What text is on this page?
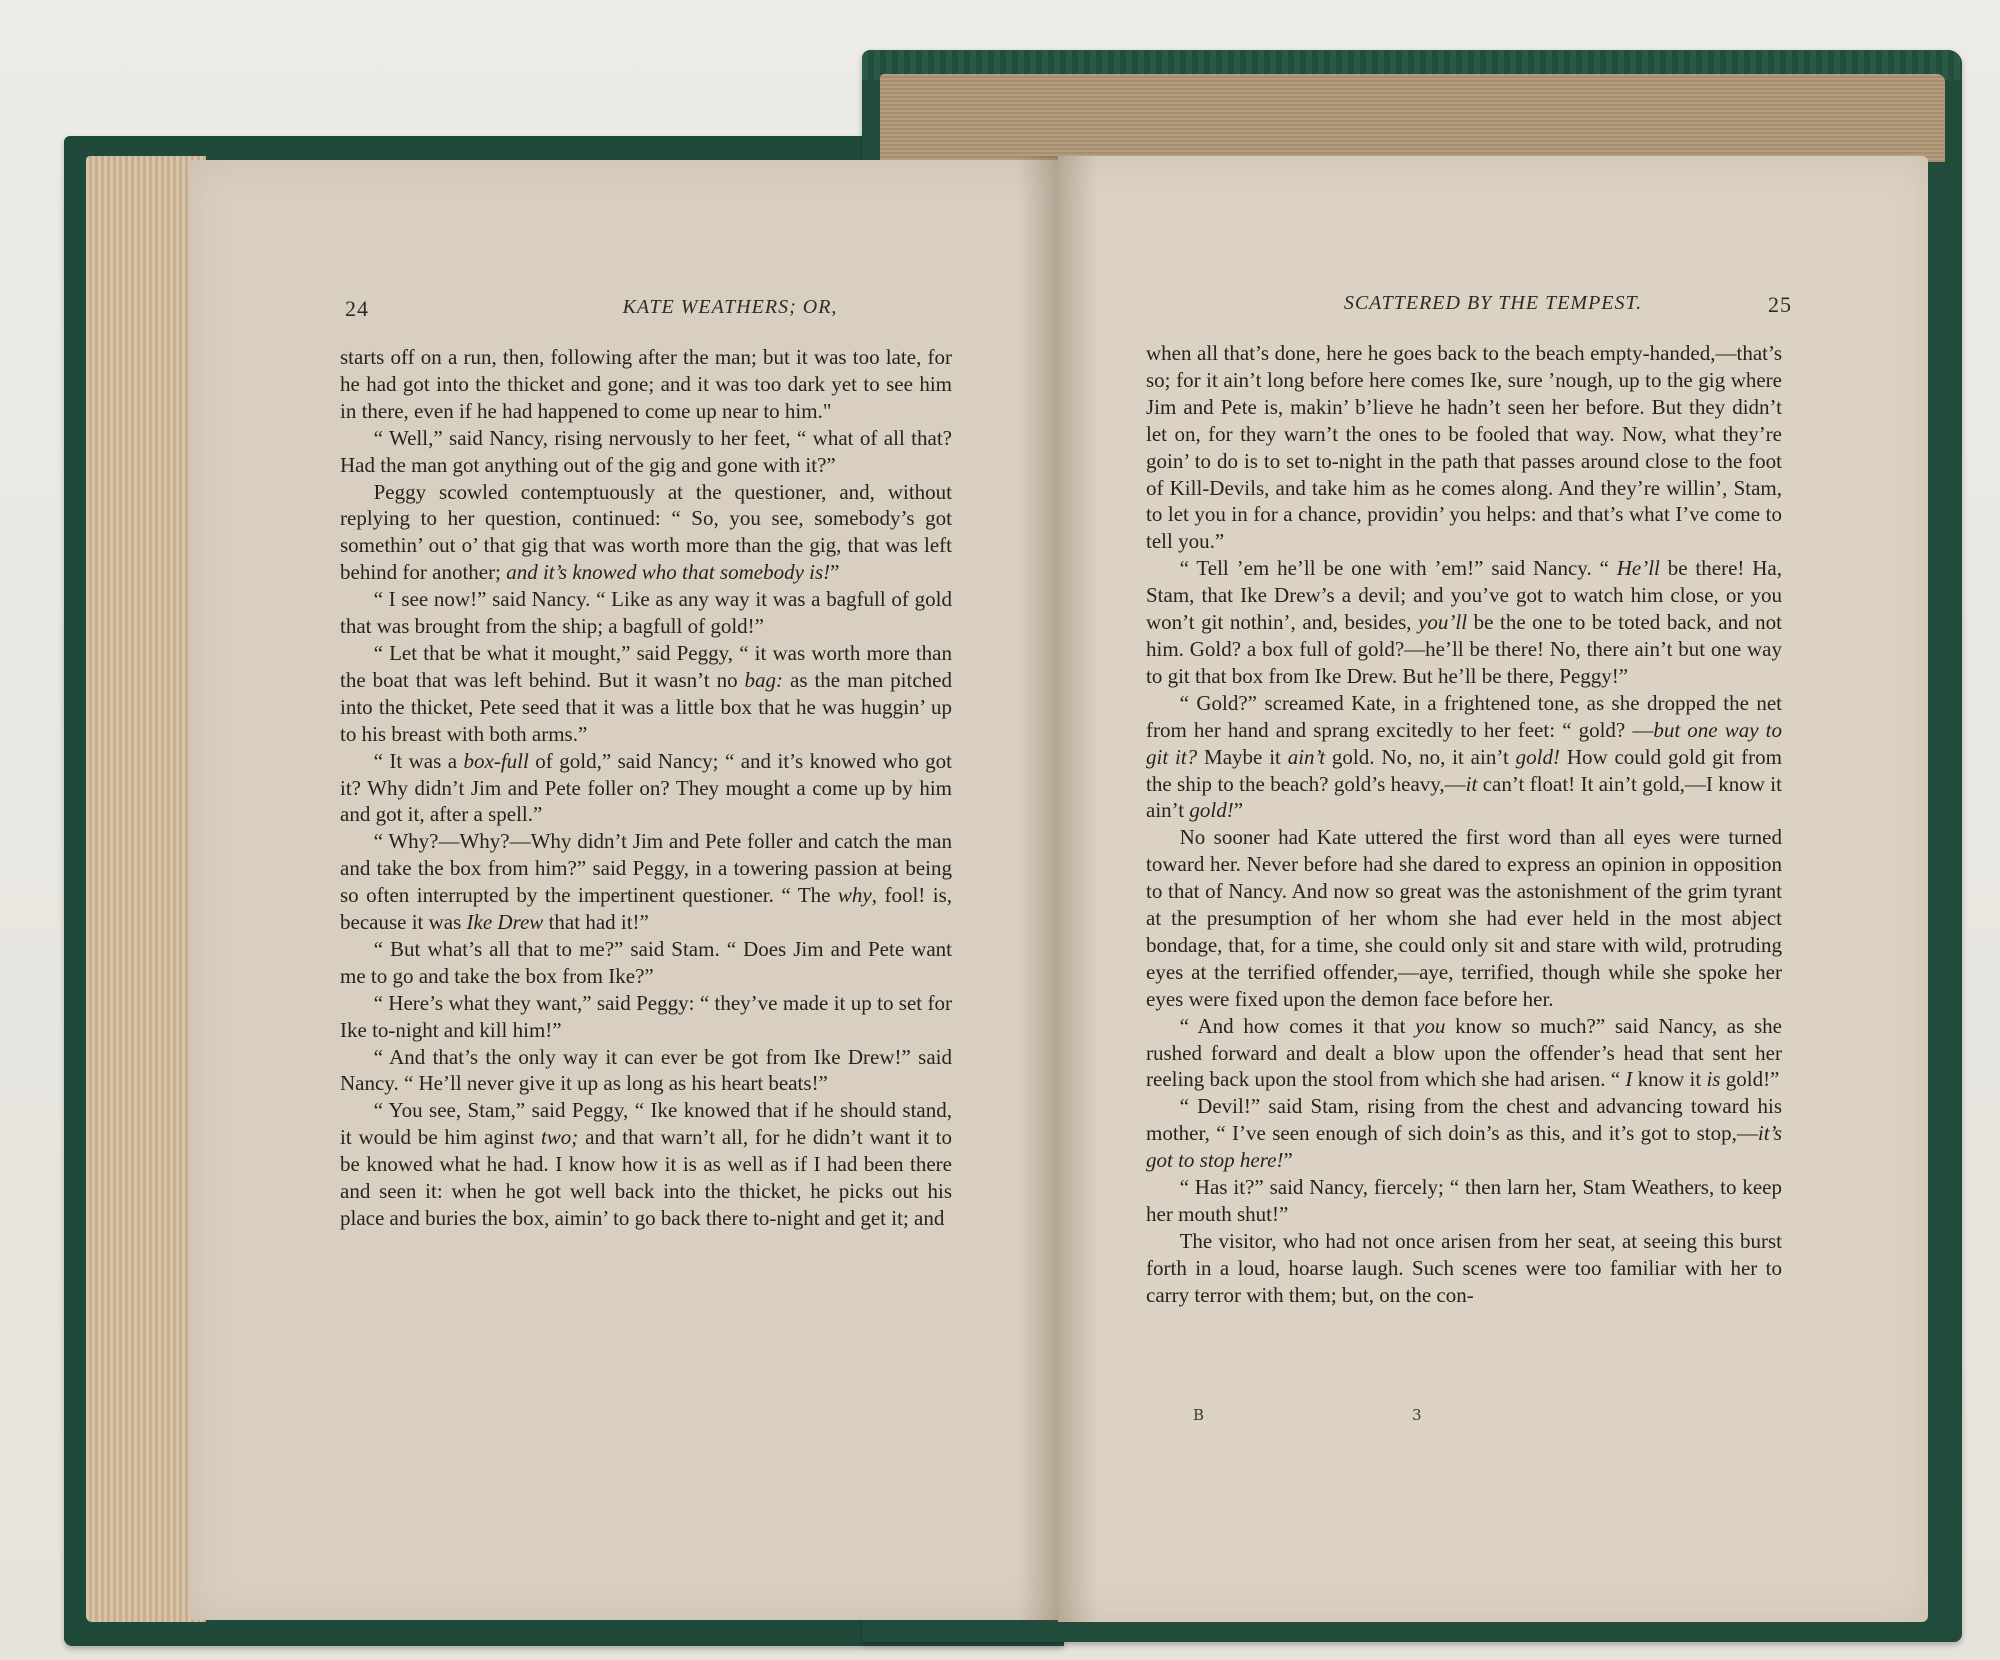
24	KATE WEATHERS; OR,

starts off on a run, then, following after the man; but it was too late, for he had got into the thicket and gone; and it was too dark yet to see him in there, even if he had happened to come up near to him."

“ Well,” said Nancy, rising nervously to her feet, “ what of all that? Had the man got anything out of the gig and gone with it?”

Peggy scowled contemptuously at the questioner, and, without replying to her question, continued: “ So, you see, somebody’s got somethin’ out o’ that gig that was worth more than the gig, that was left behind for another; and it’s knowed who that somebody is!”

“ I see now!” said Nancy. “ Like as any way it was a bagfull of gold that was brought from the ship; a bagfull of gold!”

“ Let that be what it mought,” said Peggy, “ it was worth more than the boat that was left behind. But it wasn’t no bag: as the man pitched into the thicket, Pete seed that it was a little box that he was huggin’ up to his breast with both arms.”

“ It was a box-full of gold,” said Nancy; “ and it’s knowed who got it? Why didn’t Jim and Pete foller on? They mought a come up by him and got it, after a spell.”

“ Why?—Why?—Why didn’t Jim and Pete foller and catch the man and take the box from him?” said Peggy, in a towering passion at being so often interrupted by the impertinent questioner. “ The why, fool! is, because it was Ike Drew that had it!”

“ But what’s all that to me?” said Stam. “ Does Jim and Pete want me to go and take the box from Ike?”

“ Here’s what they want,” said Peggy: “ they’ve made it up to set for Ike to-night and kill him!”

“ And that’s the only way it can ever be got from Ike Drew!” said Nancy. “ He’ll never give it up as long as his heart beats!”

“ You see, Stam,” said Peggy, “ Ike knowed that if he should stand, it would be him aginst two; and that warn’t all, for he didn’t want it to be knowed what he had. I know how it is as well as if I had been there and seen it: when he got well back into the thicket, he picks out his place and buries the box, aimin’ to go back there to-night and get it; and

SCATTERED BY THE TEMPEST.	25

when all that’s done, here he goes back to the beach empty-handed,—that’s so; for it ain’t long before here comes Ike, sure ’nough, up to the gig where Jim and Pete is, makin’ b’lieve he hadn’t seen her before. But they didn’t let on, for they warn’t the ones to be fooled that way. Now, what they’re goin’ to do is to set to-night in the path that passes around close to the foot of Kill-Devils, and take him as he comes along. And they’re willin’, Stam, to let you in for a chance, providin’ you helps: and that’s what I’ve come to tell you.”

“ Tell ’em he’ll be one with ’em!” said Nancy. “ He’ll be there! Ha, Stam, that Ike Drew’s a devil; and you’ve got to watch him close, or you won’t git nothin’, and, besides, you’ll be the one to be toted back, and not him. Gold? a box full of gold?—he’ll be there! No, there ain’t but one way to git that box from Ike Drew. But he’ll be there, Peggy!”

“ Gold?” screamed Kate, in a frightened tone, as she dropped the net from her hand and sprang excitedly to her feet: “ gold? —but one way to git it? Maybe it ain’t gold. No, no, it ain’t gold! How could gold git from the ship to the beach? gold’s heavy,—it can’t float! It ain’t gold,—I know it ain’t gold!”

No sooner had Kate uttered the first word than all eyes were turned toward her. Never before had she dared to express an opinion in opposition to that of Nancy. And now so great was the astonishment of the grim tyrant at the presumption of her whom she had ever held in the most abject bondage, that, for a time, she could only sit and stare with wild, protruding eyes at the terrified offender,—aye, terrified, though while she spoke her eyes were fixed upon the demon face before her.

“ And how comes it that you know so much?” said Nancy, as she rushed forward and dealt a blow upon the offender’s head that sent her reeling back upon the stool from which she had arisen. “ I know it is gold!”

“ Devil!” said Stam, rising from the chest and advancing toward his mother, “ I’ve seen enough of sich doin’s as this, and it’s got to stop,—it’s got to stop here!”

“ Has it?” said Nancy, fiercely; “ then larn her, Stam Weathers, to keep her mouth shut!”

The visitor, who had not once arisen from her seat, at seeing this burst forth in a loud, hoarse laugh. Such scenes were too familiar with her to carry terror with them; but, on the con-

B	3
